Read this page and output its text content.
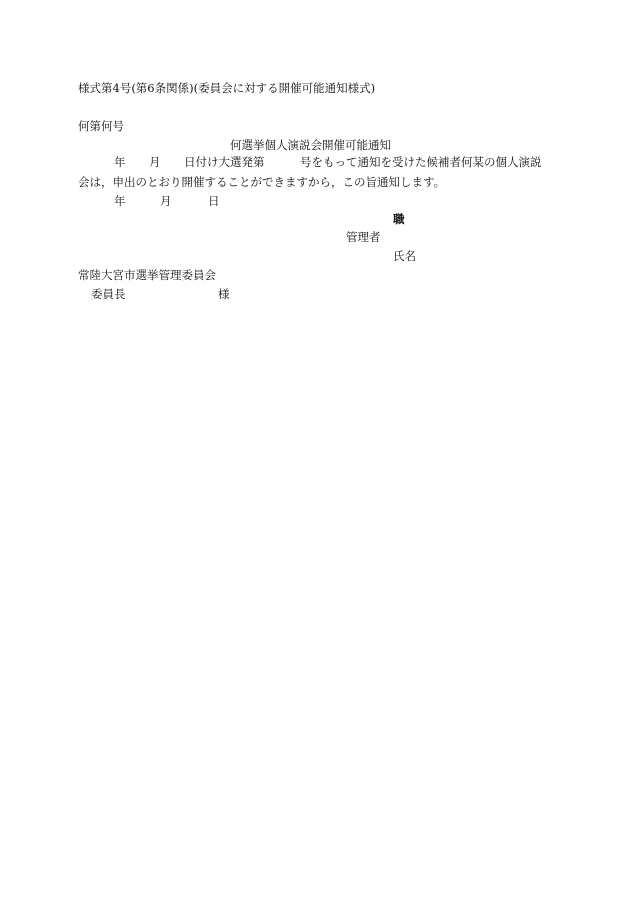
様式第4号(第6条関係)(委員会に対する開催可能通知様式)
何第何号
何選挙個人演説会開催可能通知
年 月 日付け大選発第	号をもって通知を受けた候補者何某の個人演説
会は，申出のとおり開催することができますから，この旨通知します。
年	月	日
職
管理者
氏名
常陸大宮市選挙管理委員会
委員長	様
